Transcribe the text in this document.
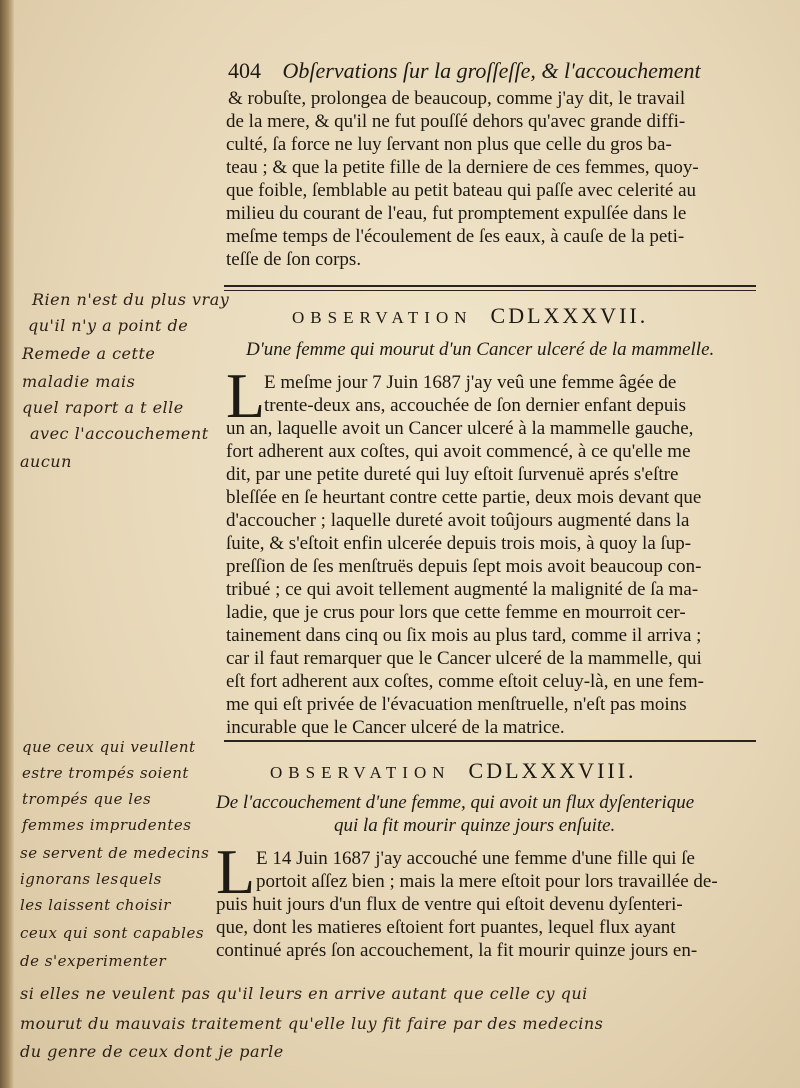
404 Obſervations ſur la groſſeſſe, & l'accouchement
& robuſte, prolongea de beaucoup, comme j'ay dit, le travail
de la mere, & qu'il ne fut pouſſé dehors qu'avec grande diffi-
culté, ſa force ne luy ſervant non plus que celle du gros ba-
teau ; & que la petite fille de la derniere de ces femmes, quoy-
que foible, ſemblable au petit bateau qui paſſe avec celerité au
milieu du courant de l'eau, fut promptement expulſée dans le
meſme temps de l'écoulement de ſes eaux, à cauſe de la peti-
teſſe de ſon corps.
OBSERVATION CDLXXXVII.
D'une femme qui mourut d'un Cancer ulceré de la mammelle.
L
E meſme jour 7 Juin 1687 j'ay veû une femme âgée de
trente-deux ans, accouchée de ſon dernier enfant depuis
un an, laquelle avoit un Cancer ulceré à la mammelle gauche,
fort adherent aux coſtes, qui avoit commencé, à ce qu'elle me
dit, par une petite dureté qui luy eſtoit ſurvenuë aprés s'eſtre
bleſſée en ſe heurtant contre cette partie, deux mois devant que
d'accoucher ; laquelle dureté avoit toûjours augmenté dans la
ſuite, & s'eſtoit enfin ulcerée depuis trois mois, à quoy la ſup-
preſſion de ſes menſtruës depuis ſept mois avoit beaucoup con-
tribué ; ce qui avoit tellement augmenté la malignité de ſa ma-
ladie, que je crus pour lors que cette femme en mourroit cer-
tainement dans cinq ou ſix mois au plus tard, comme il arriva ;
car il faut remarquer que le Cancer ulceré de la mammelle, qui
eſt fort adherent aux coſtes, comme eſtoit celuy-là, en une fem-
me qui eſt privée de l'évacuation menſtruelle, n'eſt pas moins
incurable que le Cancer ulceré de la matrice.
OBSERVATION CDLXXXVIII.
De l'accouchement d'une femme, qui avoit un flux dyſenterique
qui la fit mourir quinze jours enſuite.
L E 14 Juin 1687 j'ay accouché une femme d'une fille qui ſe
portoit aſſez bien ; mais la mere eſtoit pour lors travaillée de-
puis huit jours d'un flux de ventre qui eſtoit devenu dyſenteri-
que, dont les matieres eſtoient fort puantes, lequel flux ayant
continué aprés ſon accouchement, la fit mourir quinze jours en-
Rien n'est du plus vray
qu'il n'y a point de
Remede a cette
maladie mais
quel raport a t elle
avec l'accouchement
aucun
que ceux qui veullent
estre trompés soient
trompés que les
femmes imprudentes
se servent de medecins
ignorans lesquels
les laissent choisir
ceux qui sont capables
de s'experimenter
si elles ne veulent pas qu'il leurs en arrive autant que celle cy qui
mourut du mauvais traitement qu'elle luy fit faire par des medecins
du genre de ceux dont je parle
